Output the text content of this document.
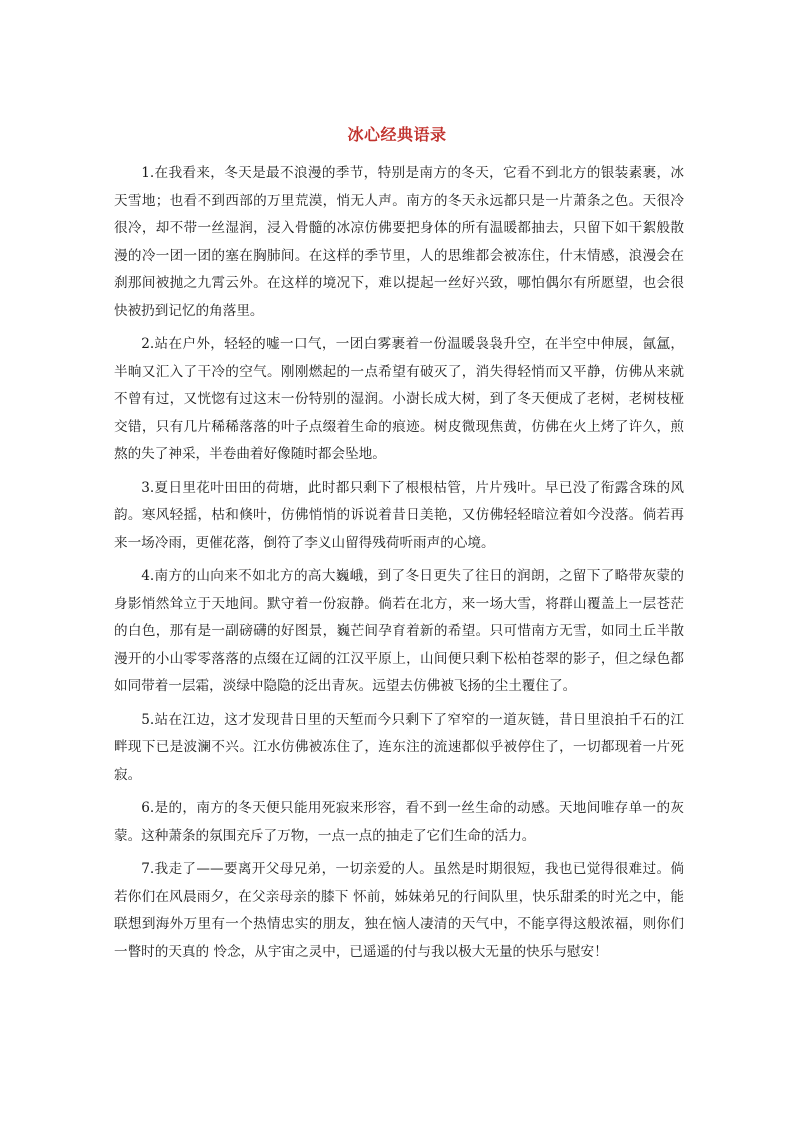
冰心经典语录

1.在我看来，冬天是最不浪漫的季节，特别是南方的冬天，它看不到北方的银装素裹，冰天雪地；也看不到西部的万里荒漠，悄无人声。南方的冬天永远都只是一片萧条之色。天很冷很冷，却不带一丝湿润，浸入骨髓的冰凉仿佛要把身体的所有温暖都抽去，只留下如干絮般散漫的冷一团一团的塞在胸肺间。在这样的季节里，人的思维都会被冻住，什末情感，浪漫会在刹那间被抛之九霄云外。在这样的境况下，难以提起一丝好兴致，哪怕偶尔有所愿望，也会很快被扔到记忆的角落里。

2.站在户外，轻轻的嘘一口气，一团白雾裹着一份温暖袅袅升空，在半空中伸展，氤氲，半晌又汇入了干冷的空气。刚刚燃起的一点希望有破灭了，消失得轻悄而又平静，仿佛从来就不曾有过，又恍惚有过这末一份特别的湿润。小澍长成大树，到了冬天便成了老树，老树枝桠交错，只有几片稀稀落落的叶子点缀着生命的痕迹。树皮微现焦黄，仿佛在火上烤了许久，煎熬的失了神采，半卷曲着好像随时都会坠地。

3.夏日里花叶田田的荷塘，此时都只剩下了根根枯管，片片残叶。早已没了衔露含珠的风韵。寒风轻摇，枯和倏叶，仿佛悄悄的诉说着昔日美艳，又仿佛轻轻暗泣着如今没落。倘若再来一场冷雨，更催花落，倒符了李义山留得残荷听雨声的心境。

4.南方的山向来不如北方的高大巍峨，到了冬日更失了往日的润朗，之留下了略带灰蒙的身影悄然耸立于天地间。默守着一份寂静。倘若在北方，来一场大雪，将群山覆盖上一层苍茫的白色，那有是一副磅礴的好图景，巍芒间孕育着新的希望。只可惜南方无雪，如同土丘半散漫开的小山零零落落的点缀在辽阔的江汉平原上，山间便只剩下松柏苍翠的影子，但之绿色都如同带着一层霜，淡绿中隐隐的泛出青灰。远望去仿佛被飞扬的尘土覆住了。

5.站在江边，这才发现昔日里的天堑而今只剩下了窄窄的一道灰链，昔日里浪拍千石的江畔现下已是波澜不兴。江水仿佛被冻住了，连东注的流速都似乎被停住了，一切都现着一片死寂。

6.是的，南方的冬天便只能用死寂来形容，看不到一丝生命的动感。天地间唯存单一的灰蒙。这种萧条的氛围充斥了万物，一点一点的抽走了它们生命的活力。

7.我走了——要离开父母兄弟，一切亲爱的人。虽然是时期很短，我也已觉得很难过。倘若你们在风晨雨夕，在父亲母亲的膝下 怀前，姊妹弟兄的行间队里，快乐甜柔的时光之中，能联想到海外万里有一个热情忠实的朋友，独在恼人凄清的天气中，不能享得这般浓福，则你们一瞥时的天真的 怜念，从宇宙之灵中，已遥遥的付与我以极大无量的快乐与慰安！
